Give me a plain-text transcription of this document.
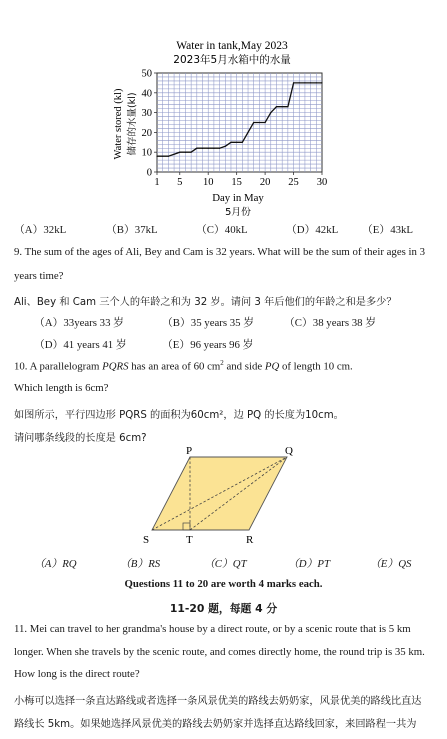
Water in tank,May 2023
2023年5月水箱中的水量
Water stored (kl) 储存的水量(kl)
Day in May
5月份
1 5 10 15 20 25 30
0
10
20
30
40
50
（A）32kL	（B）37kL	（C）40kL	（D）42kL （E）43kL
9. The sum of the ages of Ali, Bey and Cam is 32 years. What will be the sum of their ages in 3
years time?
Ali、Bey 和 Cam 三个人的年龄之和为 32 岁。请问 3 年后他们的年龄之和是多少？
（A）33years 33 岁	（B）35 years 35 岁	（C）38 years 38 岁
（D）41 years 41 岁	（E）96 years 96 岁
10. A parallelogram PQRS has an area of 60 $cm^2$ and side PQ of length 10 cm.
Which length is 6cm?
如图所示，平行四边形 PQRS 的面积为60cm²，边 PQ 的长度为10cm。
请问哪条线段的长度是 6cm?
P	Q
S	T	R
（A）RQ	（B）RS	（C）QT	（D）PT	（E）QS
Questions 11 to 20 are worth 4 marks each.
11-20 题，每题 4 分
11. Mei can travel to her grandma's house by a direct route, or by a scenic route that is 5 km
longer. When she travels by the scenic route, and comes directly home, the round trip is 35 km.
How long is the direct route?
小梅可以选择一条直达路线或者选择一条风景优美的路线去奶奶家，风景优美的路线比直达
路线长 5km。如果她选择风景优美的路线去奶奶家并选择直达路线回家，来回路程一共为
